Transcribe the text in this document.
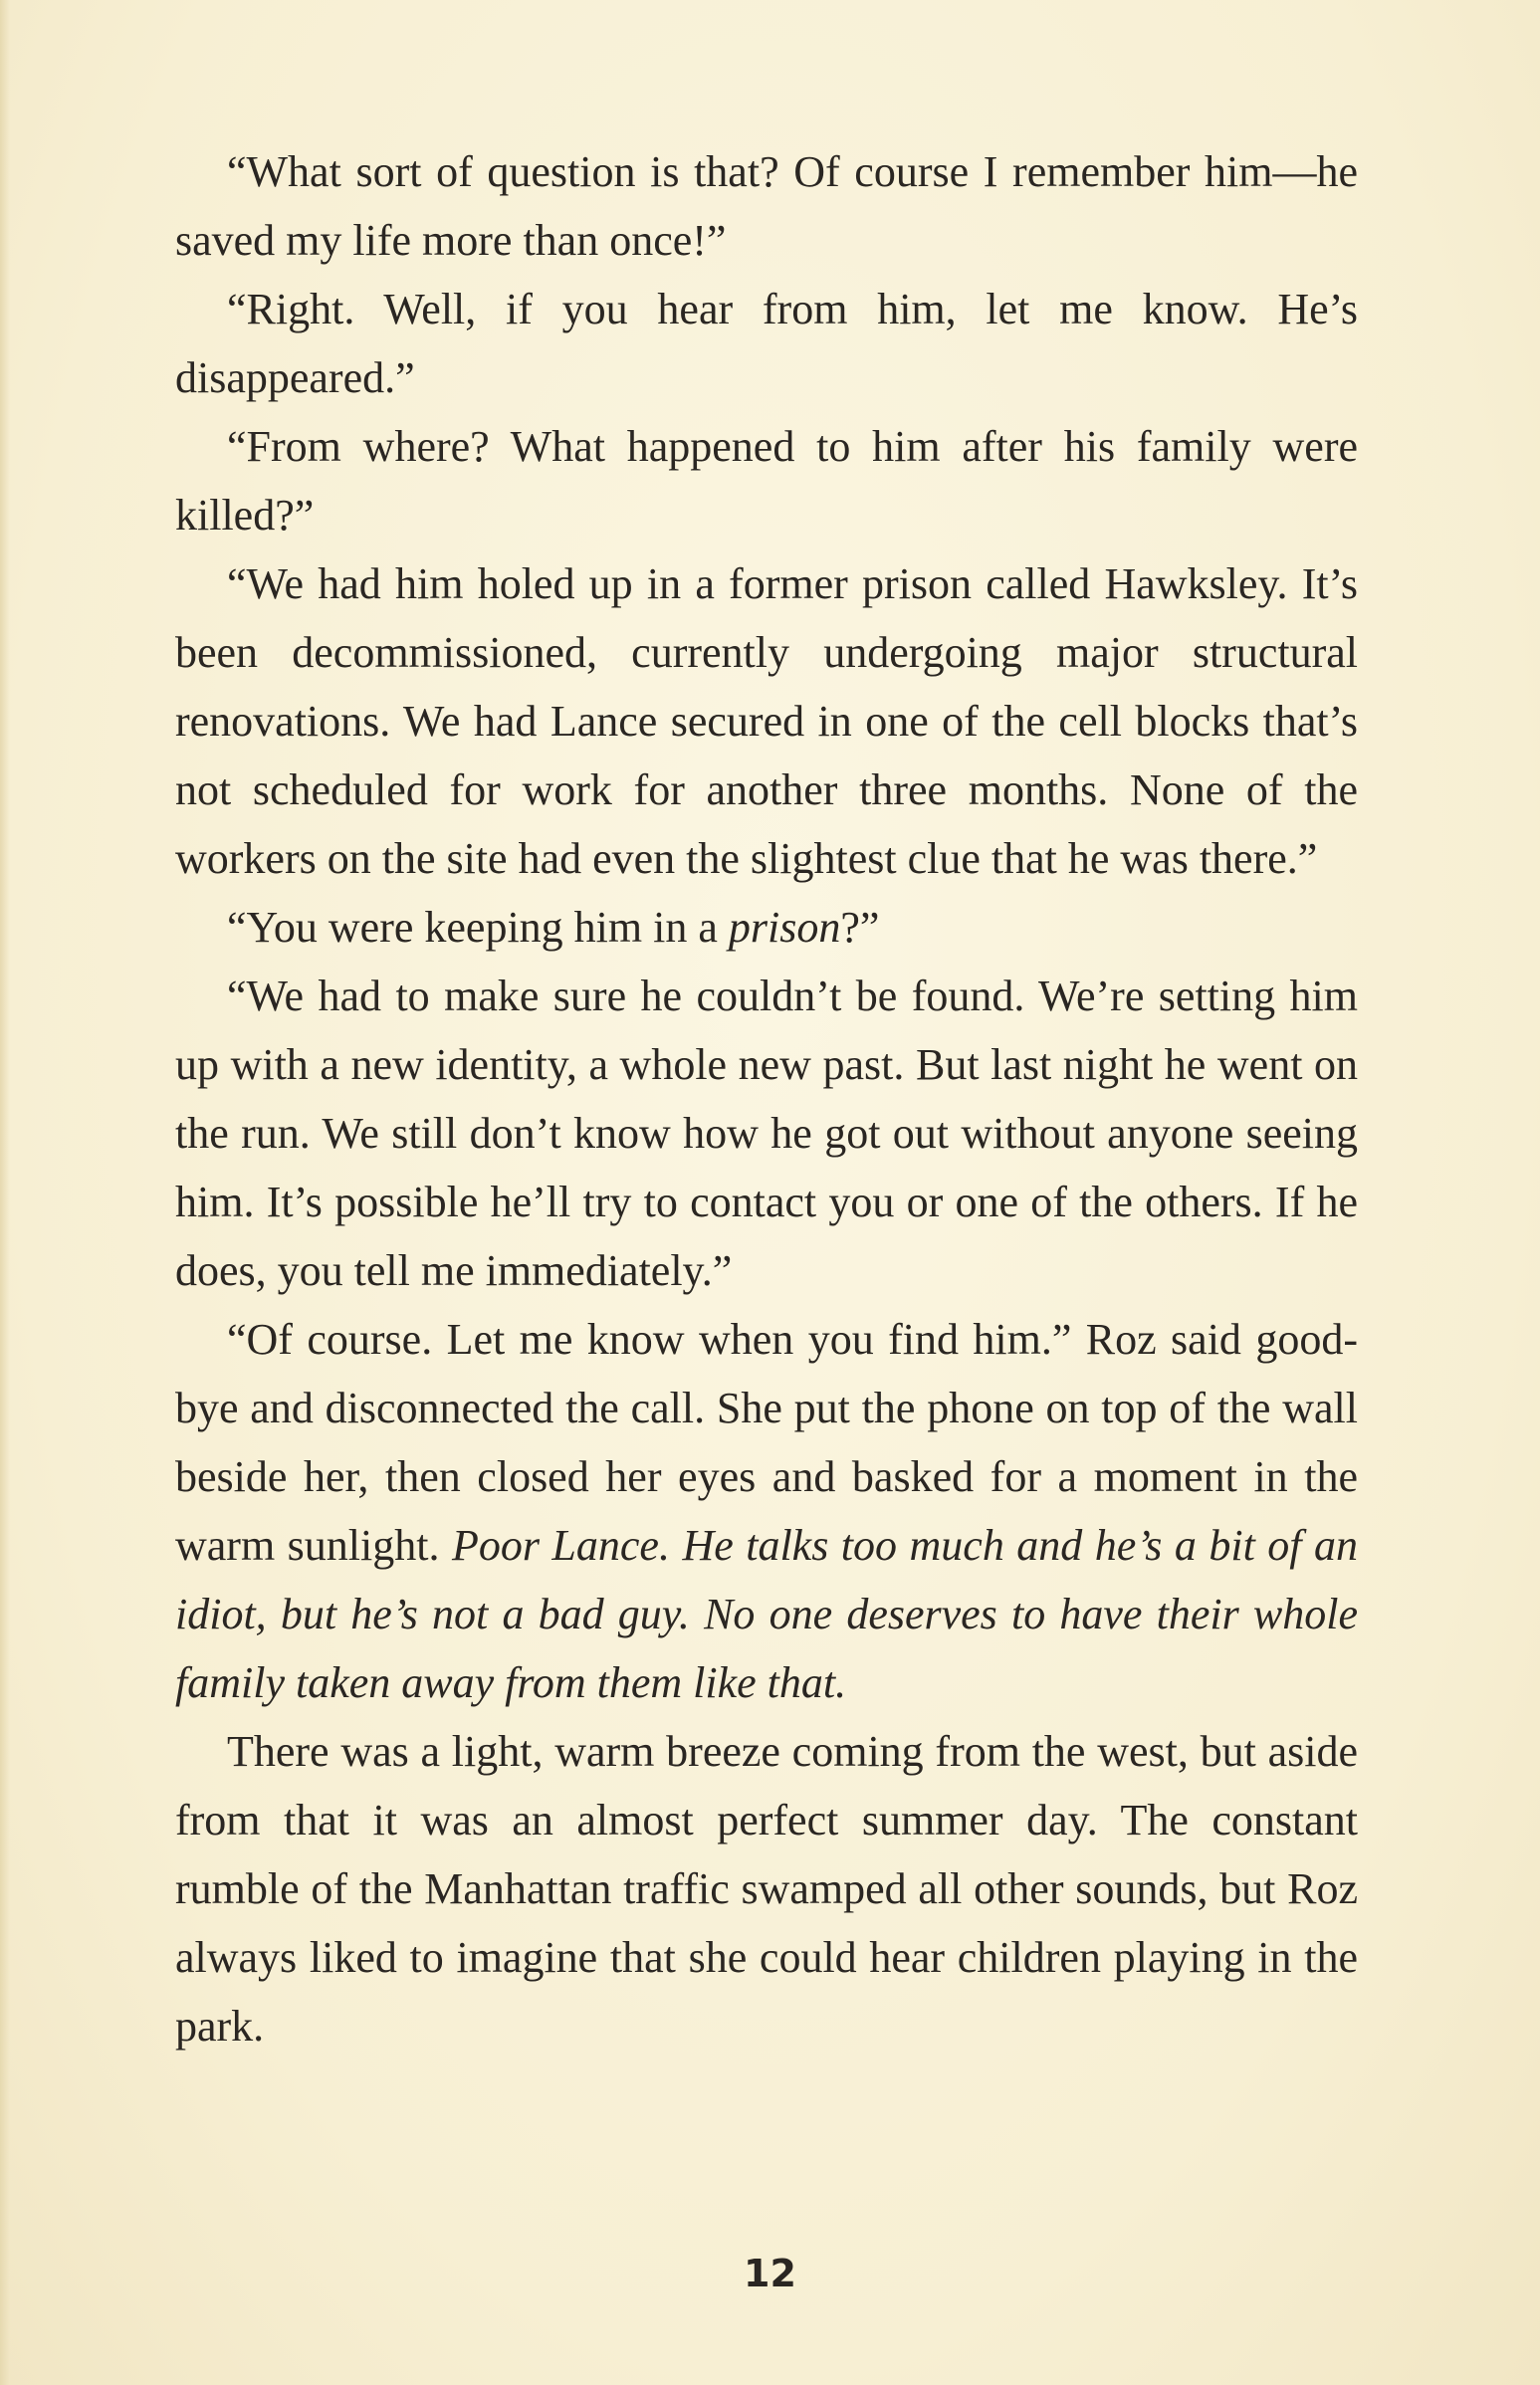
“What sort of question is that? Of course I remember him—he saved my life more than once!”

“Right. Well, if you hear from him, let me know. He’s disappeared.”

“From where? What happened to him after his family were killed?”

“We had him holed up in a former prison called Hawksley. It’s been decommissioned, currently undergoing major structural renovations. We had Lance secured in one of the cell blocks that’s not scheduled for work for another three months. None of the workers on the site had even the slightest clue that he was there.”

“You were keeping him in a prison?”

“We had to make sure he couldn’t be found. We’re setting him up with a new identity, a whole new past. But last night he went on the run. We still don’t know how he got out without anyone seeing him. It’s possible he’ll try to contact you or one of the others. If he does, you tell me immediately.”

“Of course. Let me know when you find him.” Roz said good-bye and disconnected the call. She put the phone on top of the wall beside her, then closed her eyes and basked for a moment in the warm sunlight. Poor Lance. He talks too much and he’s a bit of an idiot, but he’s not a bad guy. No one deserves to have their whole family taken away from them like that.

There was a light, warm breeze coming from the west, but aside from that it was an almost perfect summer day. The constant rumble of the Manhattan traffic swamped all other sounds, but Roz always liked to imagine that she could hear children playing in the park.

12
